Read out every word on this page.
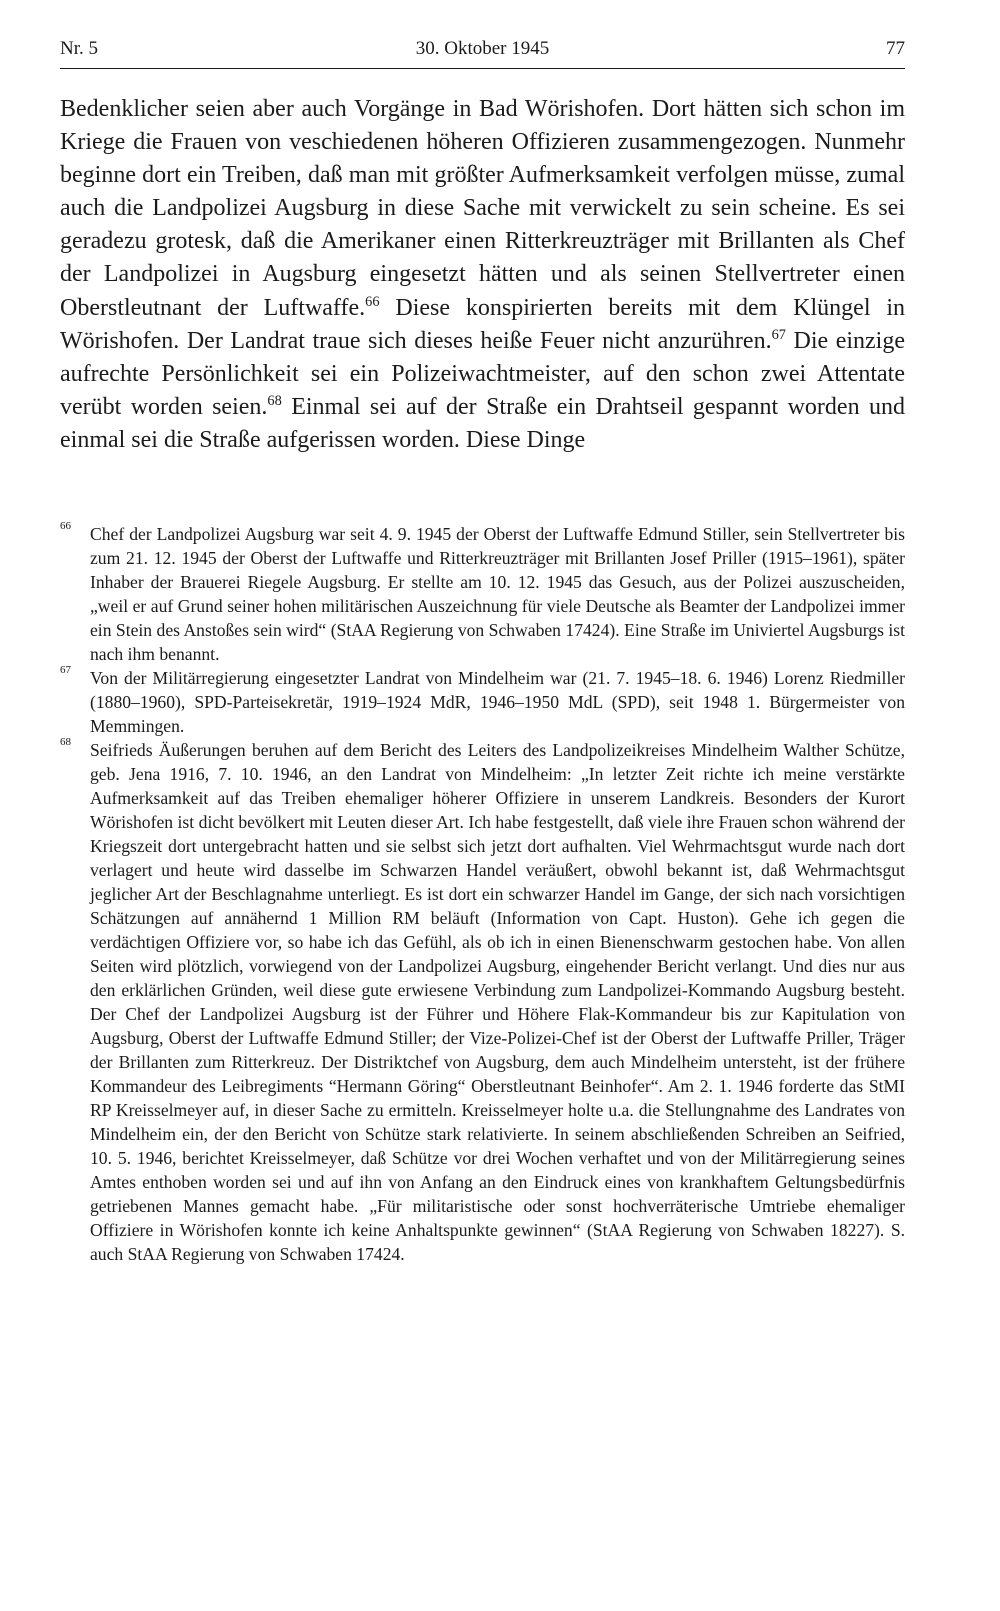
Nr. 5	30. Oktober 1945	77

Bedenklicher seien aber auch Vorgänge in Bad Wörishofen. Dort hätten sich schon im Kriege die Frauen von veschiedenen höheren Offizieren zusammengezogen. Nunmehr beginne dort ein Treiben, daß man mit größter Aufmerksamkeit verfolgen müsse, zumal auch die Landpolizei Augsburg in diese Sache mit verwickelt zu sein scheine. Es sei geradezu grotesk, daß die Amerikaner einen Ritterkreuzträger mit Brillanten als Chef der Landpolizei in Augsburg eingesetzt hätten und als seinen Stellvertreter einen Oberstleutnant der Luftwaffe.$^{66}$ Diese konspirierten bereits mit dem Klüngel in Wörishofen. Der Landrat traue sich dieses heiße Feuer nicht anzurühren.$^{67}$ Die einzige aufrechte Persönlichkeit sei ein Polizeiwachtmeister, auf den schon zwei Attentate verübt worden seien.$^{68}$ Einmal sei auf der Straße ein Drahtseil gespannt worden und einmal sei die Straße aufgerissen worden. Diese Dinge

66 Chef der Landpolizei Augsburg war seit 4. 9. 1945 der Oberst der Luftwaffe Edmund Stiller, sein Stellvertreter bis zum 21. 12. 1945 der Oberst der Luftwaffe und Ritterkreuzträger mit Brillanten Josef Priller (1915–1961), später Inhaber der Brauerei Riegele Augsburg. Er stellte am 10. 12. 1945 das Gesuch, aus der Polizei auszuscheiden, „weil er auf Grund seiner hohen militärischen Auszeichnung für viele Deutsche als Beamter der Landpolizei immer ein Stein des Anstoßes sein wird“ (StAA Regierung von Schwaben 17424). Eine Straße im Univiertel Augsburgs ist nach ihm benannt.

67 Von der Militärregierung eingesetzter Landrat von Mindelheim war (21. 7. 1945–18. 6. 1946) Lorenz Riedmiller (1880–1960), SPD-Parteisekretär, 1919–1924 MdR, 1946–1950 MdL (SPD), seit 1948 1. Bürgermeister von Memmingen.

68 Seifrieds Äußerungen beruhen auf dem Bericht des Leiters des Landpolizeikreises Mindelheim Walther Schütze, geb. Jena 1916, 7. 10. 1946, an den Landrat von Mindelheim: „In letzter Zeit richte ich meine verstärkte Aufmerksamkeit auf das Treiben ehemaliger höherer Offiziere in unserem Landkreis. Besonders der Kurort Wörishofen ist dicht bevölkert mit Leuten dieser Art. Ich habe festgestellt, daß viele ihre Frauen schon während der Kriegszeit dort untergebracht hatten und sie selbst sich jetzt dort aufhalten. Viel Wehrmachtsgut wurde nach dort verlagert und heute wird dasselbe im Schwarzen Handel veräußert, obwohl bekannt ist, daß Wehrmachtsgut jeglicher Art der Beschlagnahme unterliegt. Es ist dort ein schwarzer Handel im Gange, der sich nach vorsichtigen Schätzungen auf annähernd 1 Million RM beläuft (Information von Capt. Huston). Gehe ich gegen die verdächtigen Offiziere vor, so habe ich das Gefühl, als ob ich in einen Bienenschwarm gestochen habe. Von allen Seiten wird plötzlich, vorwiegend von der Landpolizei Augsburg, eingehender Bericht verlangt. Und dies nur aus den erklärlichen Gründen, weil diese gute erwiesene Verbindung zum Landpolizei-Kommando Augsburg besteht. Der Chef der Landpolizei Augsburg ist der Führer und Höhere Flak-Kommandeur bis zur Kapitulation von Augsburg, Oberst der Luftwaffe Edmund Stiller; der Vize-Polizei-Chef ist der Oberst der Luftwaffe Priller, Träger der Brillanten zum Ritterkreuz. Der Distriktchef von Augsburg, dem auch Mindelheim untersteht, ist der frühere Kommandeur des Leibregiments “Hermann Göring“ Oberstleutnant Beinhofer“. Am 2. 1. 1946 forderte das StMI RP Kreisselmeyer auf, in dieser Sache zu ermitteln. Kreisselmeyer holte u.a. die Stellungnahme des Landrates von Mindelheim ein, der den Bericht von Schütze stark relativierte. In seinem abschließenden Schreiben an Seifried, 10. 5. 1946, berichtet Kreisselmeyer, daß Schütze vor drei Wochen verhaftet und von der Militärregierung seines Amtes enthoben worden sei und auf ihn von Anfang an den Eindruck eines von krankhaftem Geltungsbedürfnis getriebenen Mannes gemacht habe. „Für militaristische oder sonst hochverräterische Umtriebe ehemaliger Offiziere in Wörishofen konnte ich keine Anhaltspunkte gewinnen“ (StAA Regierung von Schwaben 18227). S. auch StAA Regierung von Schwaben 17424.
